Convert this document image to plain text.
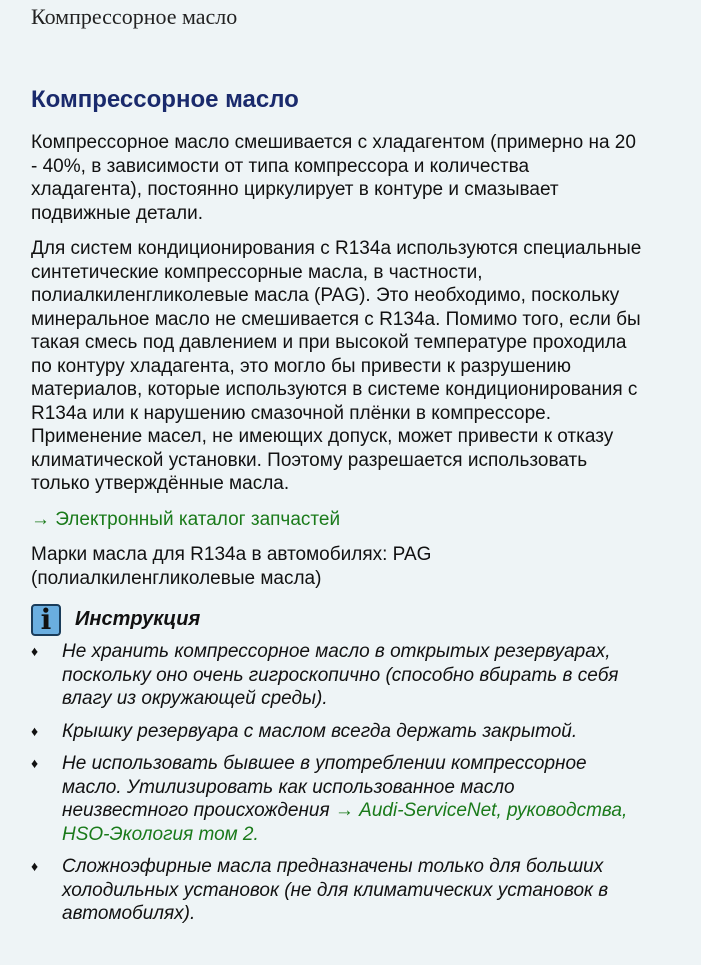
Компрессорное масло
Компрессорное масло
Компрессорное масло смешивается с хладагентом (примерно на 20
- 40%, в зависимости от типа компрессора и количества
хладагента), постоянно циркулирует в контуре и смазывает
подвижные детали.
Для систем кондиционирования с R134a используются специальные
синтетические компрессорные масла, в частности,
полиалкиленгликолевые масла (PAG). Это необходимо, поскольку
минеральное масло не смешивается с R134a. Помимо того, если бы
такая смесь под давлением и при высокой температуре проходила
по контуру хладагента, это могло бы привести к разрушению
материалов, которые используются в системе кондиционирования с
R134a или к нарушению смазочной плёнки в компрессоре.
Применение масел, не имеющих допуск, может привести к отказу
климатической установки. Поэтому разрешается использовать
только утверждённые масла.
→ Электронный каталог запчастей
Марки масла для R134a в автомобилях: PAG
(полиалкиленгликолевые масла)
i	Инструкция
♦ Не хранить компрессорное масло в открытых резервуарах,
поскольку оно очень гигроскопично (способно вбирать в себя
влагу из окружающей среды).
♦ Крышку резервуара с маслом всегда держать закрытой.
♦ Не использовать бывшее в употреблении компрессорное
масло. Утилизировать как использованное масло
неизвестного происхождения → Audi-ServiceNet, руководства,
HSO-Экология том 2.
♦ Сложноэфирные масла предназначены только для больших
холодильных установок (не для климатических установок в
автомобилях).
